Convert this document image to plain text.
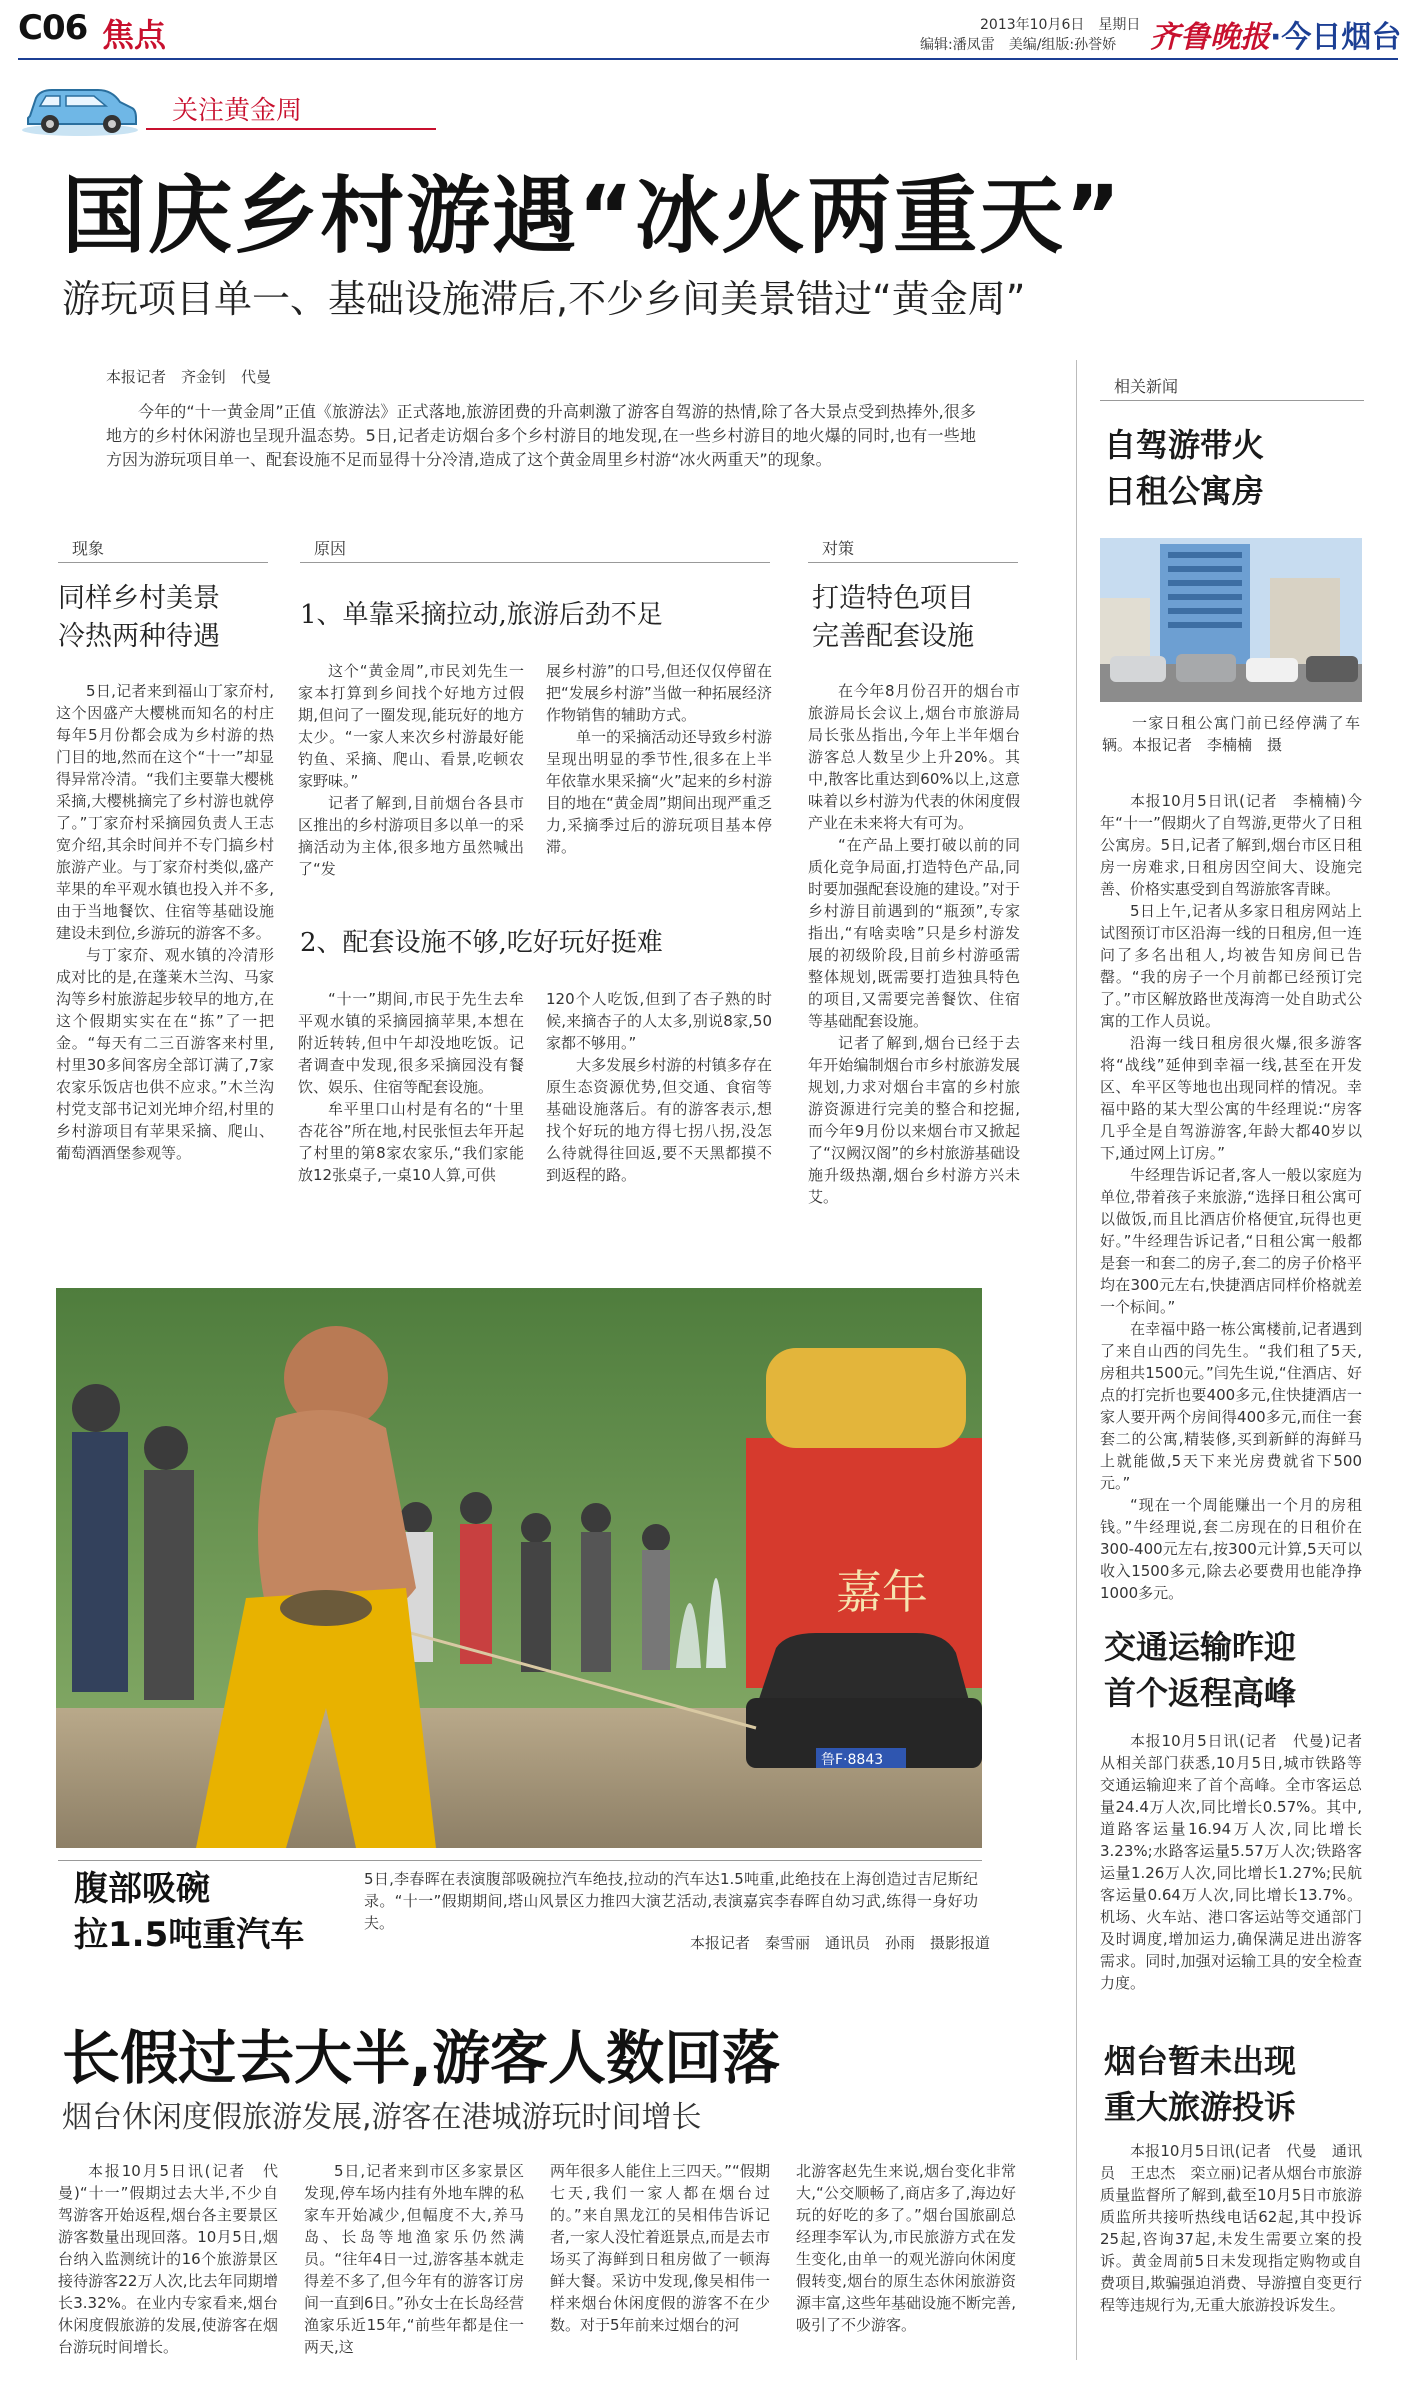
C06 焦点	2013年10月6日　星期日
编辑:潘凤雷　美编/组版:孙誉娇 齐鲁晚报·今日烟台
关注黄金周
国庆乡村游遇“冰火两重天”
游玩项目单一、基础设施滞后,不少乡间美景错过“黄金周”
本报记者　齐金钊　代曼
今年的“十一黄金周”正值《旅游法》正式落地,旅游团费的升高刺激了游客自驾游的热情,除了各大景点受到热捧外,很多地方的乡村休闲游也呈现升温态势。5日,记者走访烟台多个乡村游目的地发现,在一些乡村游目的地火爆的同时,也有一些地方因为游玩项目单一、配套设施不足而显得十分冷清,造成了这个黄金周里乡村游“冰火两重天”的现象。
现象
同样乡村美景
冷热两种待遇

5日,记者来到福山丁家夼村,这个因盛产大樱桃而知名的村庄每年5月份都会成为乡村游的热门目的地,然而在这个“十一”却显得异常冷清。“我们主要靠大樱桃采摘,大樱桃摘完了乡村游也就停了。”丁家夼村采摘园负责人王志宽介绍,其余时间并不专门搞乡村旅游产业。与丁家夼村类似,盛产苹果的牟平观水镇也投入并不多,由于当地餐饮、住宿等基础设施建设未到位,乡游玩的游客不多。

与丁家夼、观水镇的冷清形成对比的是,在蓬莱木兰沟、马家沟等乡村旅游起步较早的地方,在这个假期实实在在“拣”了一把金。“每天有二三百游客来村里,村里30多间客房全部订满了,7家农家乐饭店也供不应求。”木兰沟村党支部书记刘光坤介绍,村里的乡村游项目有苹果采摘、爬山、葡萄酒酒堡参观等。

原因
1、单靠采摘拉动,旅游后劲不足

这个“黄金周”,市民刘先生一家本打算到乡间找个好地方过假期,但问了一圈发现,能玩好的地方太少。“一家人来次乡村游最好能钓鱼、采摘、爬山、看景,吃顿农家野味。”

记者了解到,目前烟台各县市区推出的乡村游项目多以单一的采摘活动为主体,很多地方虽然喊出了“发

展乡村游”的口号,但还仅仅停留在把“发展乡村游”当做一种拓展经济作物销售的辅助方式。

单一的采摘活动还导致乡村游呈现出明显的季节性,很多在上半年依靠水果采摘“火”起来的乡村游目的地在“黄金周”期间出现严重乏力,采摘季过后的游玩项目基本停滞。

2、配套设施不够,吃好玩好挺难

“十一”期间,市民于先生去牟平观水镇的采摘园摘苹果,本想在附近转转,但中午却没地吃饭。记者调查中发现,很多采摘园没有餐饮、娱乐、住宿等配套设施。

牟平里口山村是有名的“十里杏花谷”所在地,村民张恒去年开起了村里的第8家农家乐,“我们家能放12张桌子,一桌10人算,可供

120个人吃饭,但到了杏子熟的时候,来摘杏子的人太多,别说8家,50家都不够用。”

大多发展乡村游的村镇多存在原生态资源优势,但交通、食宿等基础设施落后。有的游客表示,想找个好玩的地方得七拐八拐,没怎么待就得往回返,要不天黑都摸不到返程的路。

对策
打造特色项目
完善配套设施

在今年8月份召开的烟台市旅游局长会议上,烟台市旅游局局长张丛指出,今年上半年烟台游客总人数呈少上升20%。其中,散客比重达到60%以上,这意味着以乡村游为代表的休闲度假产业在未来将大有可为。

“在产品上要打破以前的同质化竞争局面,打造特色产品,同时要加强配套设施的建设。”对于乡村游目前遇到的“瓶颈”,专家指出,“有啥卖啥”只是乡村游发展的初级阶段,目前乡村游亟需整体规划,既需要打造独具特色的项目,又需要完善餐饮、住宿等基础配套设施。

记者了解到,烟台已经于去年开始编制烟台市乡村旅游发展规划,力求对烟台丰富的乡村旅游资源进行完美的整合和挖掘,而今年9月份以来烟台市又掀起了“汉阙汉阁”的乡村旅游基础设施升级热潮,烟台乡村游方兴未艾。

嘉年
鲁F·8843
腹部吸碗
拉1.5吨重汽车
5日,李春晖在表演腹部吸碗拉汽车绝技,拉动的汽车达1.5吨重,此绝技在上海创造过吉尼斯纪录。“十一”假期期间,塔山风景区力推四大演艺活动,表演嘉宾李春晖自幼习武,练得一身好功夫。
本报记者　秦雪丽　通讯员　孙雨　摄影报道
长假过去大半,游客人数回落
烟台休闲度假旅游发展,游客在港城游玩时间增长
本报10月5日讯(记者　代曼)“十一”假期过去大半,不少自驾游客开始返程,烟台各主要景区游客数量出现回落。10月5日,烟台纳入监测统计的16个旅游景区接待游客22万人次,比去年同期增长3.32%。在业内专家看来,烟台休闲度假旅游的发展,使游客在烟台游玩时间增长。
5日,记者来到市区多家景区发现,停车场内挂有外地车牌的私家车开始减少,但幅度不大,养马岛、长岛等地渔家乐仍然满员。“往年4日一过,游客基本就走得差不多了,但今年有的游客订房间一直到6日。”孙女士在长岛经营渔家乐近15年,“前些年都是住一两天,这
两年很多人能住上三四天。”“假期七天,我们一家人都在烟台过的。”来自黑龙江的吴相伟告诉记者,一家人没忙着逛景点,而是去市场买了海鲜到日租房做了一顿海鲜大餐。采访中发现,像吴相伟一样来烟台休闲度假的游客不在少数。对于5年前来过烟台的河
北游客赵先生来说,烟台变化非常大,“公交顺畅了,商店多了,海边好玩的好吃的多了。”烟台国旅副总经理李军认为,市民旅游方式在发生变化,由单一的观光游向休闲度假转变,烟台的原生态休闲旅游资源丰富,这些年基础设施不断完善,吸引了不少游客。
相关新闻
自驾游带火
日租公寓房
一家日租公寓门前已经停满了车辆。本报记者　李楠楠　摄

本报10月5日讯(记者　李楠楠)今年“十一”假期火了自驾游,更带火了日租公寓房。5日,记者了解到,烟台市区日租房一房难求,日租房因空间大、设施完善、价格实惠受到自驾游旅客青睐。

5日上午,记者从多家日租房网站上试图预订市区沿海一线的日租房,但一连问了多名出租人,均被告知房间已告罄。“我的房子一个月前都已经预订完了。”市区解放路世茂海湾一处自助式公寓的工作人员说。

沿海一线日租房很火爆,很多游客将“战线”延伸到幸福一线,甚至在开发区、牟平区等地也出现同样的情况。幸福中路的某大型公寓的牛经理说:“房客几乎全是自驾游游客,年龄大都40岁以下,通过网上订房。”

牛经理告诉记者,客人一般以家庭为单位,带着孩子来旅游,“选择日租公寓可以做饭,而且比酒店价格便宜,玩得也更好。”牛经理告诉记者,“日租公寓一般都是套一和套二的房子,套二的房子价格平均在300元左右,快捷酒店同样价格就差一个标间。”

在幸福中路一栋公寓楼前,记者遇到了来自山西的闫先生。“我们租了5天,房租共1500元。”闫先生说,“住酒店、好点的打完折也要400多元,住快捷酒店一家人要开两个房间得400多元,而住一套套二的公寓,精装修,买到新鲜的海鲜马上就能做,5天下来光房费就省下500元。”

“现在一个周能赚出一个月的房租钱。”牛经理说,套二房现在的日租价在300-400元左右,按300元计算,5天可以收入1500多元,除去必要费用也能净挣1000多元。

交通运输昨迎
首个返程高峰

本报10月5日讯(记者　代曼)记者从相关部门获悉,10月5日,城市铁路等交通运输迎来了首个高峰。全市客运总量24.4万人次,同比增长0.57%。其中,道路客运量16.94万人次,同比增长3.23%;水路客运量5.57万人次;铁路客运量1.26万人次,同比增长1.27%;民航客运量0.64万人次,同比增长13.7%。机场、火车站、港口客运站等交通部门及时调度,增加运力,确保满足进出游客需求。同时,加强对运输工具的安全检查力度。

烟台暂未出现
重大旅游投诉

本报10月5日讯(记者　代曼　通讯员　王忠杰　栾立丽)记者从烟台市旅游质量监督所了解到,截至10月5日市旅游质监所共接听热线电话62起,其中投诉25起,咨询37起,未发生需要立案的投诉。黄金周前5日未发现指定购物或自费项目,欺骗强迫消费、导游擅自变更行程等违规行为,无重大旅游投诉发生。
